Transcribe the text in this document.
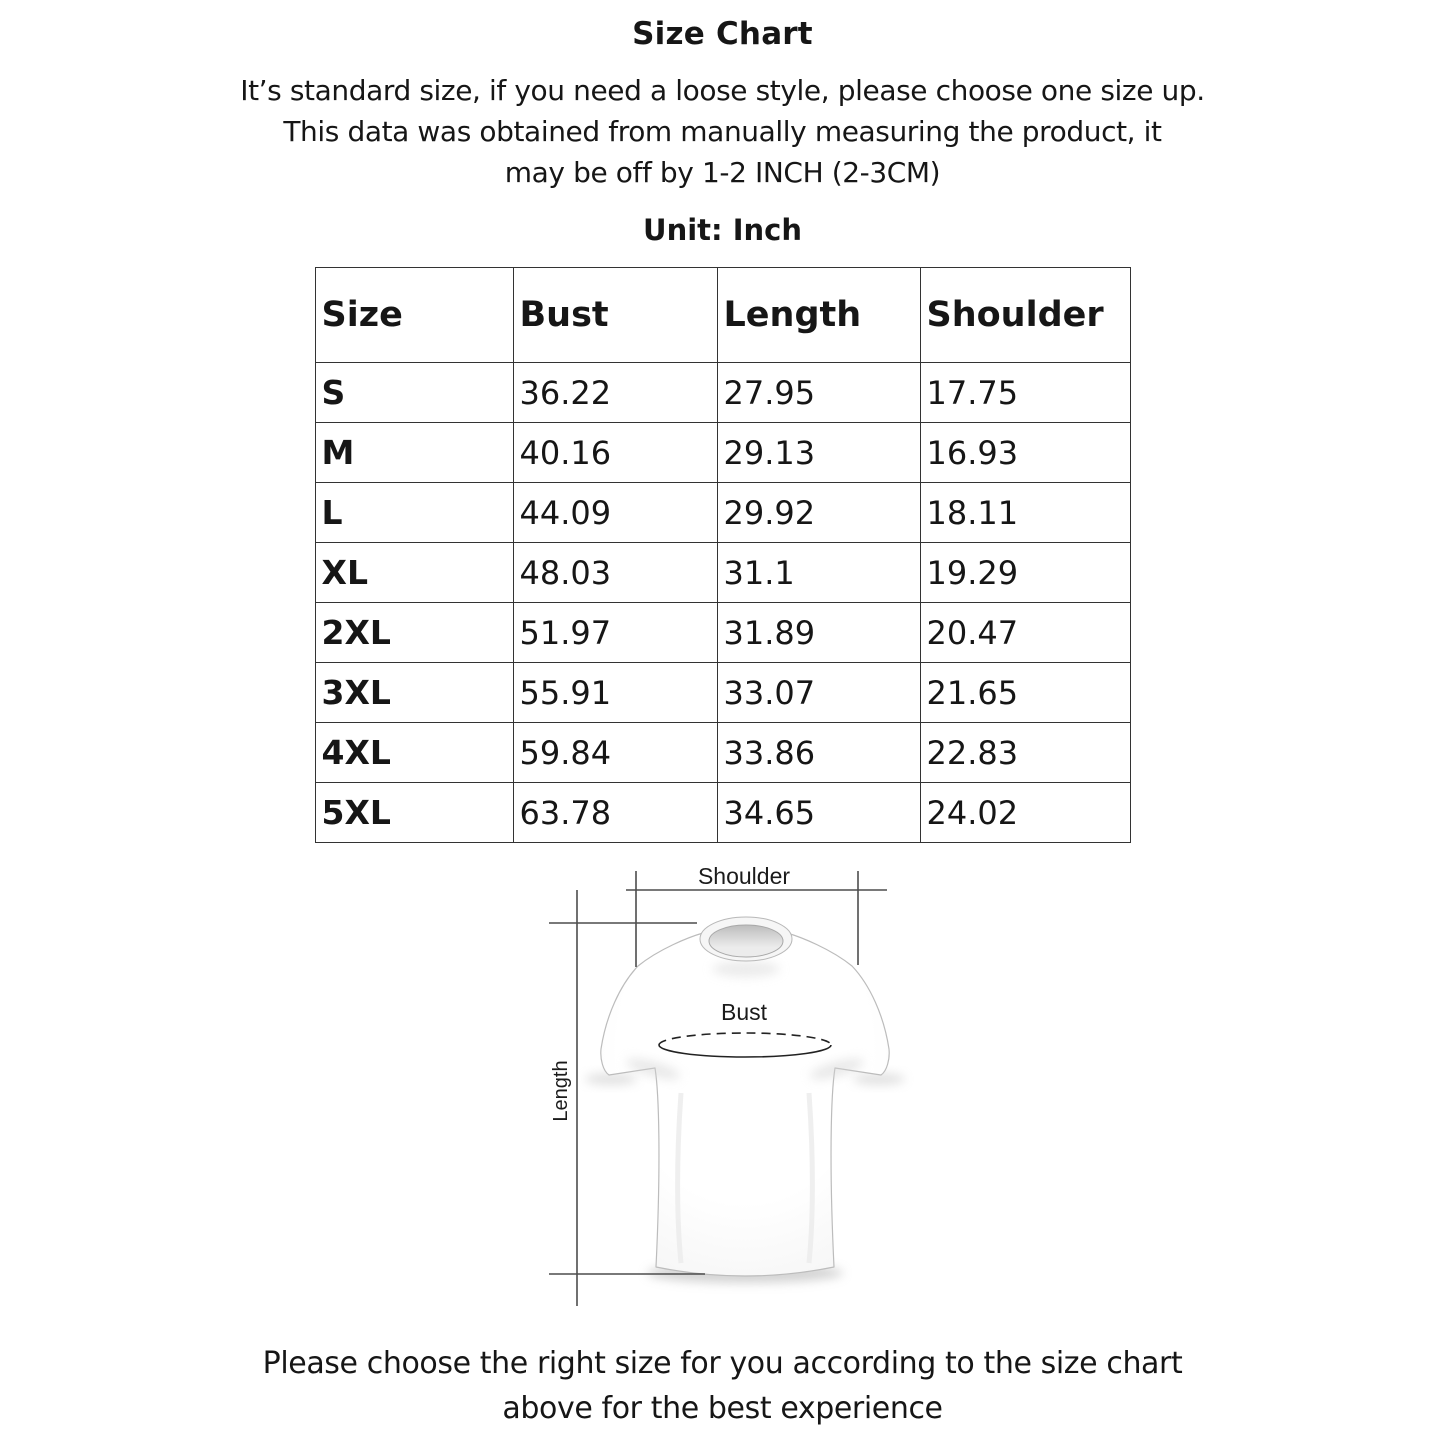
Size Chart
It’s standard size, if you need a loose style, please choose one size up.
This data was obtained from manually measuring the product, it
may be off by 1-2 INCH (2-3CM)
Unit: Inch
Size	Bust	Length	Shoulder
S	36.22	27.95	17.75
M	40.16	29.13	16.93
L	44.09	29.92	18.11
XL	48.03	31.1	19.29
2XL	51.97	31.89	20.47
3XL	55.91	33.07	21.65
4XL	59.84	33.86	22.83
5XL	63.78	34.65	24.02
Shoulder
Bust
Length
Please choose the right size for you according to the size chart
above for the best experience
